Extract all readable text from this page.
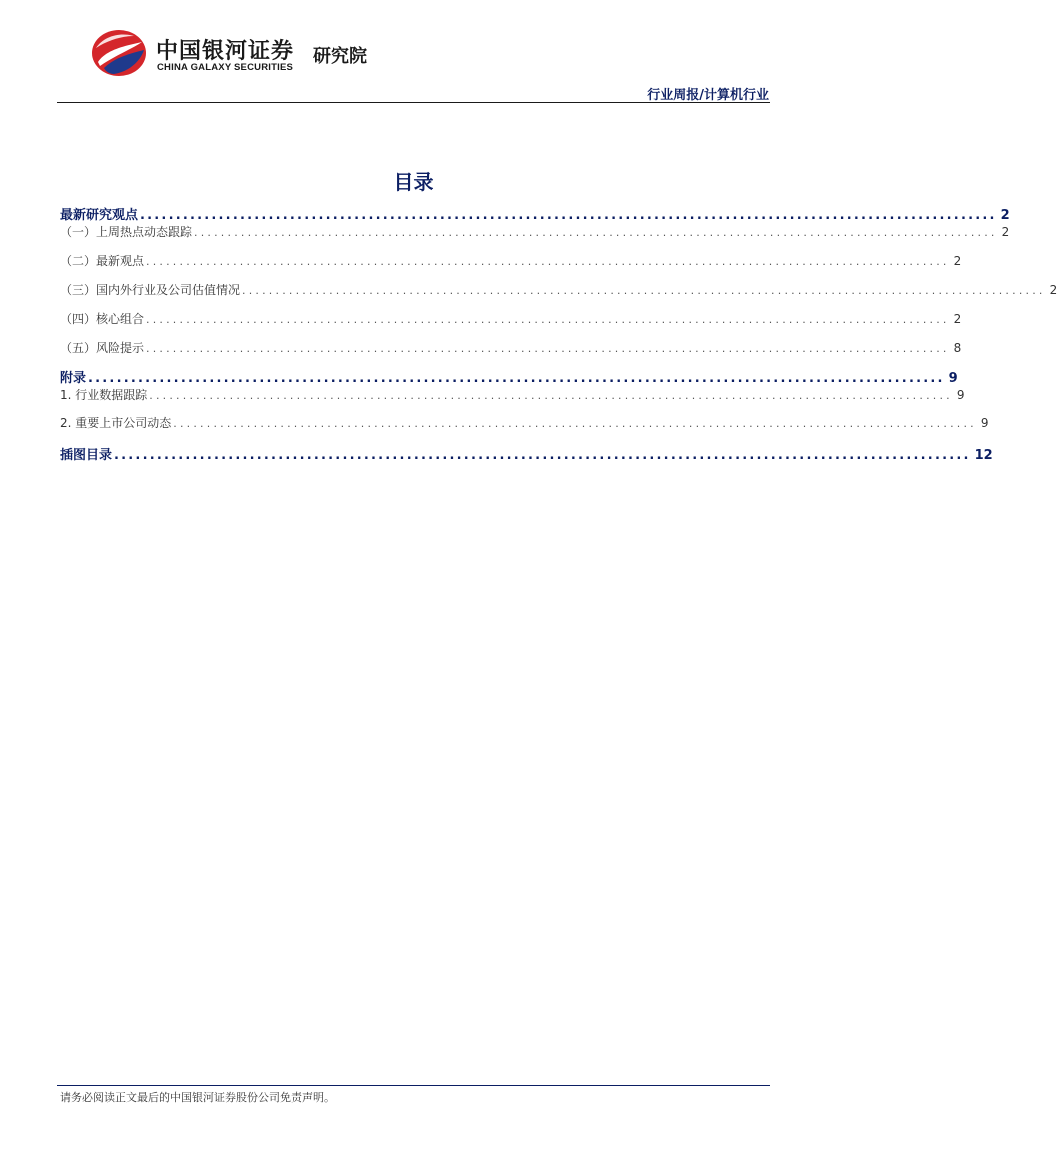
中国银河证券
CHINA GALAXY SECURITIES
研究院
行业周报/计算机行业
目录
最新研究观点 ........................................................................................................................ 2
（一）上周热点动态跟踪 ........................................................................................................................ 2
（二）最新观点 ........................................................................................................................ 2
（三）国内外行业及公司估值情况 ........................................................................................................................ 2
（四）核心组合 ........................................................................................................................ 2
（五）风险提示 ........................................................................................................................ 8
附录 ........................................................................................................................ 9
1. 行业数据跟踪 ........................................................................................................................ 9
2. 重要上市公司动态 ........................................................................................................................ 9
插图目录 ........................................................................................................................ 12
请务必阅读正文最后的中国银河证券股份公司免责声明。
